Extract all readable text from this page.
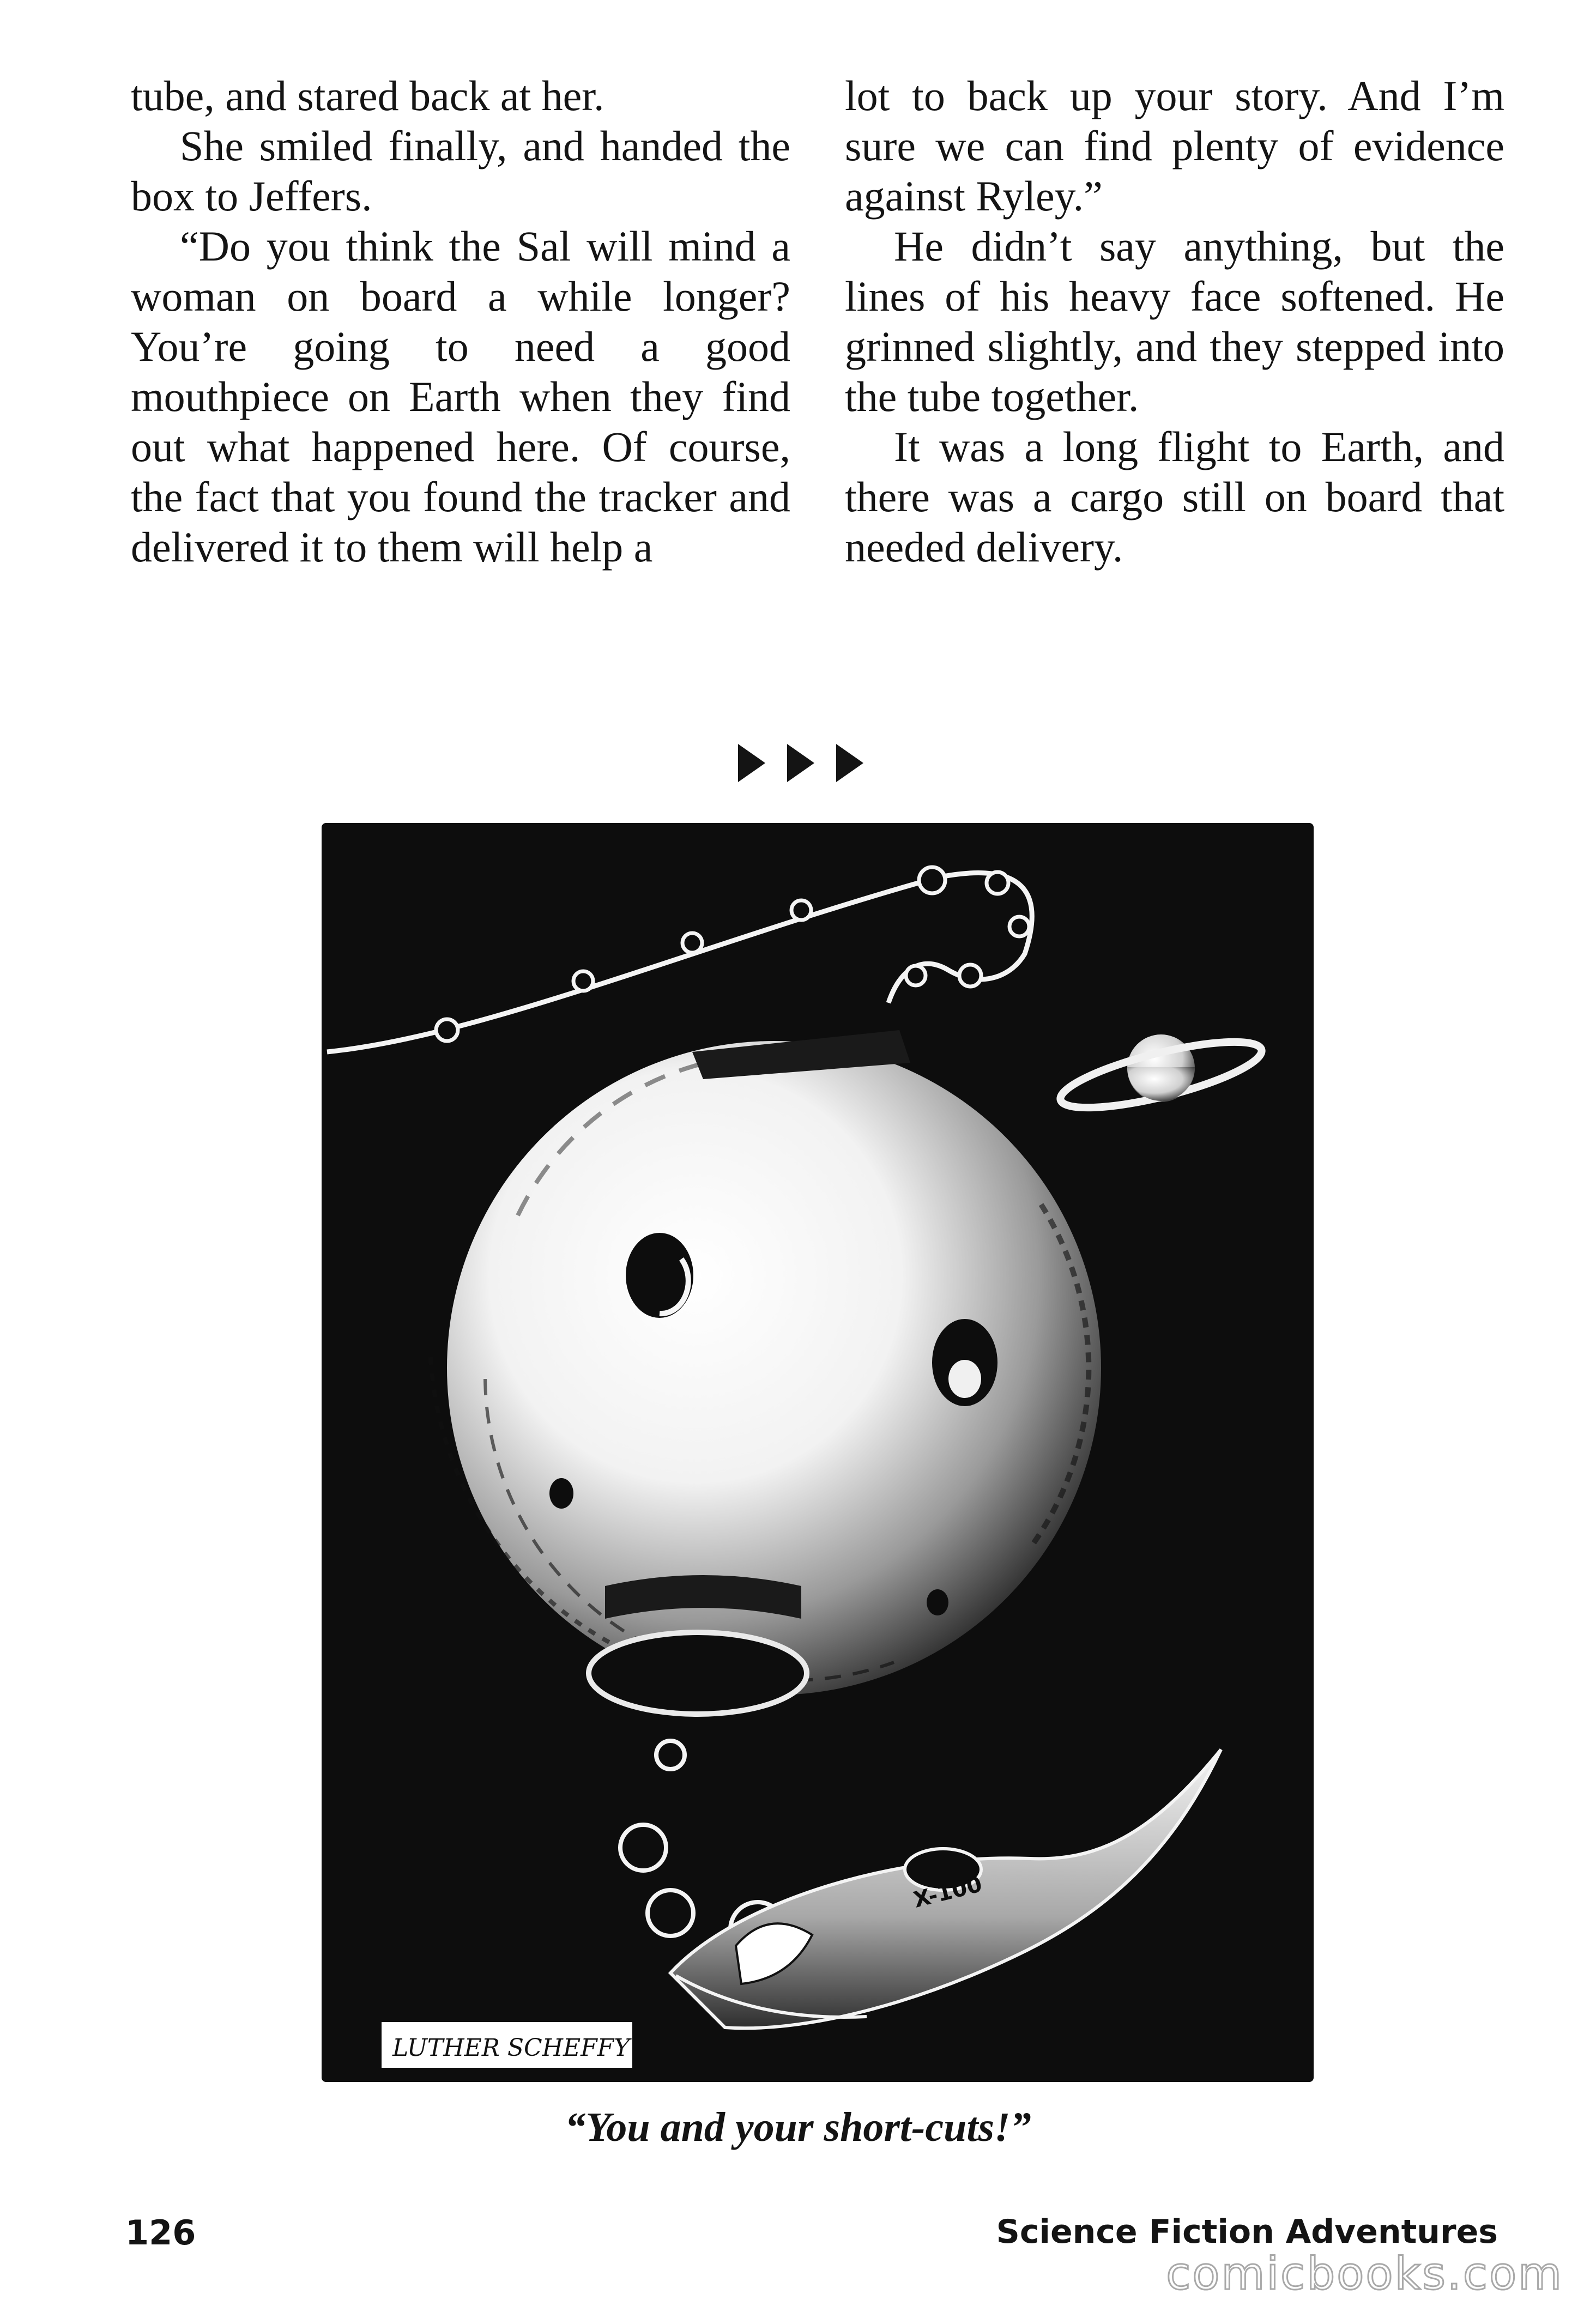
tube, and stared back at her.

She smiled finally, and handed the box to Jeffers.

“Do you think the Sal will mind a woman on board a while longer? You’re going to need a good mouthpiece on Earth when they find out what happened here. Of course, the fact that you found the tracker and delivered it to them will help a

lot to back up your story. And I’m sure we can find plenty of evidence against Ryley.”

He didn’t say anything, but the lines of his heavy face softened. He grinned slightly, and they stepped into the tube together.

It was a long flight to Earth, and there was a cargo still on board that needed delivery.

X-100
LUTHER SCHEFFY
“You and your short-cuts!”
126	Science Fiction Adventures
comicbooks.com
